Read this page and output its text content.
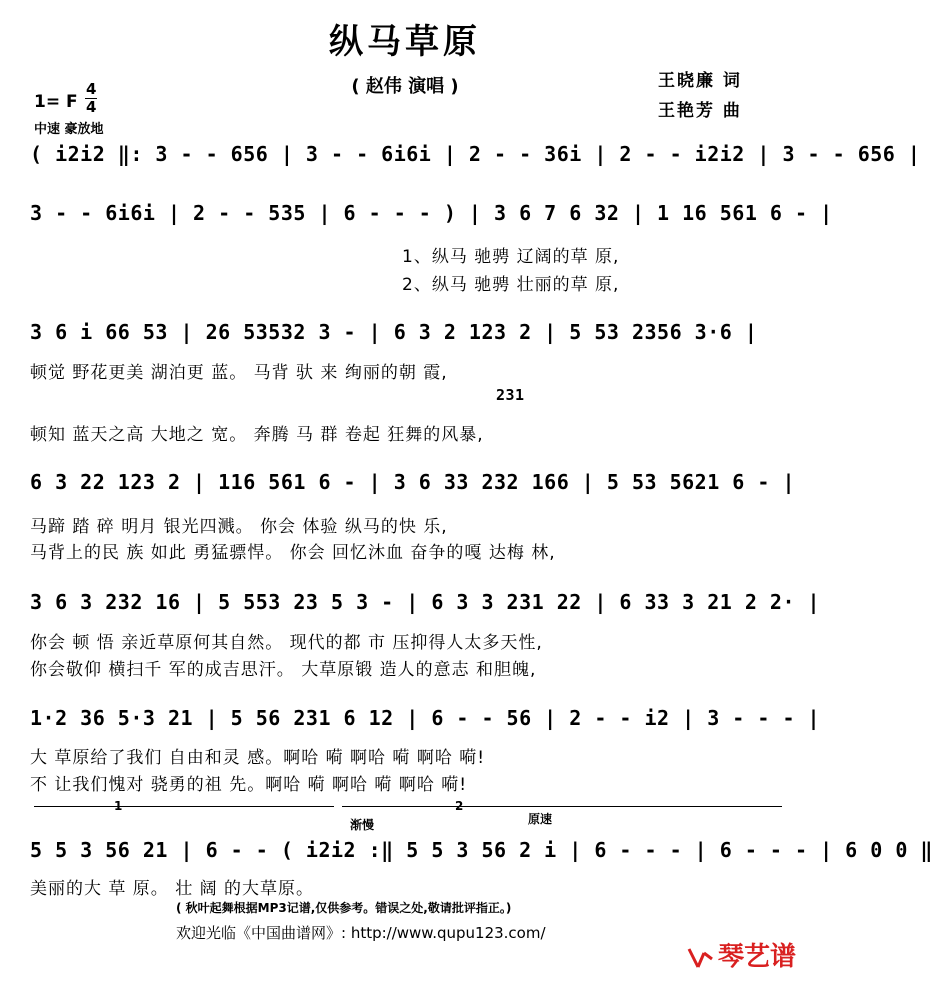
纵马草原
( 赵伟 演唱 )	王晓廉 词
王艳芳 曲
1= F
4
4
中速 豪放地
( i2i2 ‖: 3 - - 656 | 3 - - 6i6i | 2 - - 36i | 2 - - i2i2 | 3 - - 656 |
3 - - 6i6i | 2 - - 535 | 6 - - - ) | 3 6 7 6 32 | 1 16 561 6 - |
1、纵马 驰骋 辽阔的草 原,
2、纵马 驰骋 壮丽的草 原,
3 6 i 66 53 | 26 53532 3 - | 6 3 2 123 2 | 5 53 2356 3·6 |
顿觉 野花更美 湖泊更 蓝。 马背 驮 来 绚丽的朝 霞,
231
顿知 蓝天之高 大地之 宽。 奔腾 马 群 卷起 狂舞的风暴,
6 3 22 123 2 | 116 561 6 - | 3 6 33 232 166 | 5 53 5621 6 - |
马蹄 踏 碎 明月 银光四溅。 你会 体验 纵马的快 乐,
马背上的民 族 如此 勇猛骠悍。 你会 回忆沐血 奋争的嘎 达梅 林,
3 6 3 232 16 | 5 553 23 5 3 - | 6 3 3 231 22 | 6 33 3 21 2 2· |
你会 顿 悟 亲近草原何其自然。 现代的都 市 压抑得人太多天性,
你会敬仰 横扫千 军的成吉思汗。 大草原锻 造人的意志 和胆魄,
1·2 36 5·3 21 | 5 56 231 6 12 | 6 - - 56 | 2 - - i2 | 3 - - - |
大 草原给了我们 自由和灵 感。啊哈 嗬 啊哈 嗬 啊哈 嗬!
不 让我们愧对 骁勇的祖 先。啊哈 嗬 啊哈 嗬 啊哈 嗬!
1	2
渐慢	原速
5 5 3 56 21 | 6 - - ( i2i2 :‖ 5 5 3 56 2 i | 6 - - - | 6 - - - | 6 0 0 ‖
美丽的大 草 原。 壮 阔 的大草原。
( 秋叶起舞根据MP3记谱,仅供参考。错误之处,敬请批评指正。)
欢迎光临《中国曲谱网》: http://www.qupu123.com/
琴艺谱
